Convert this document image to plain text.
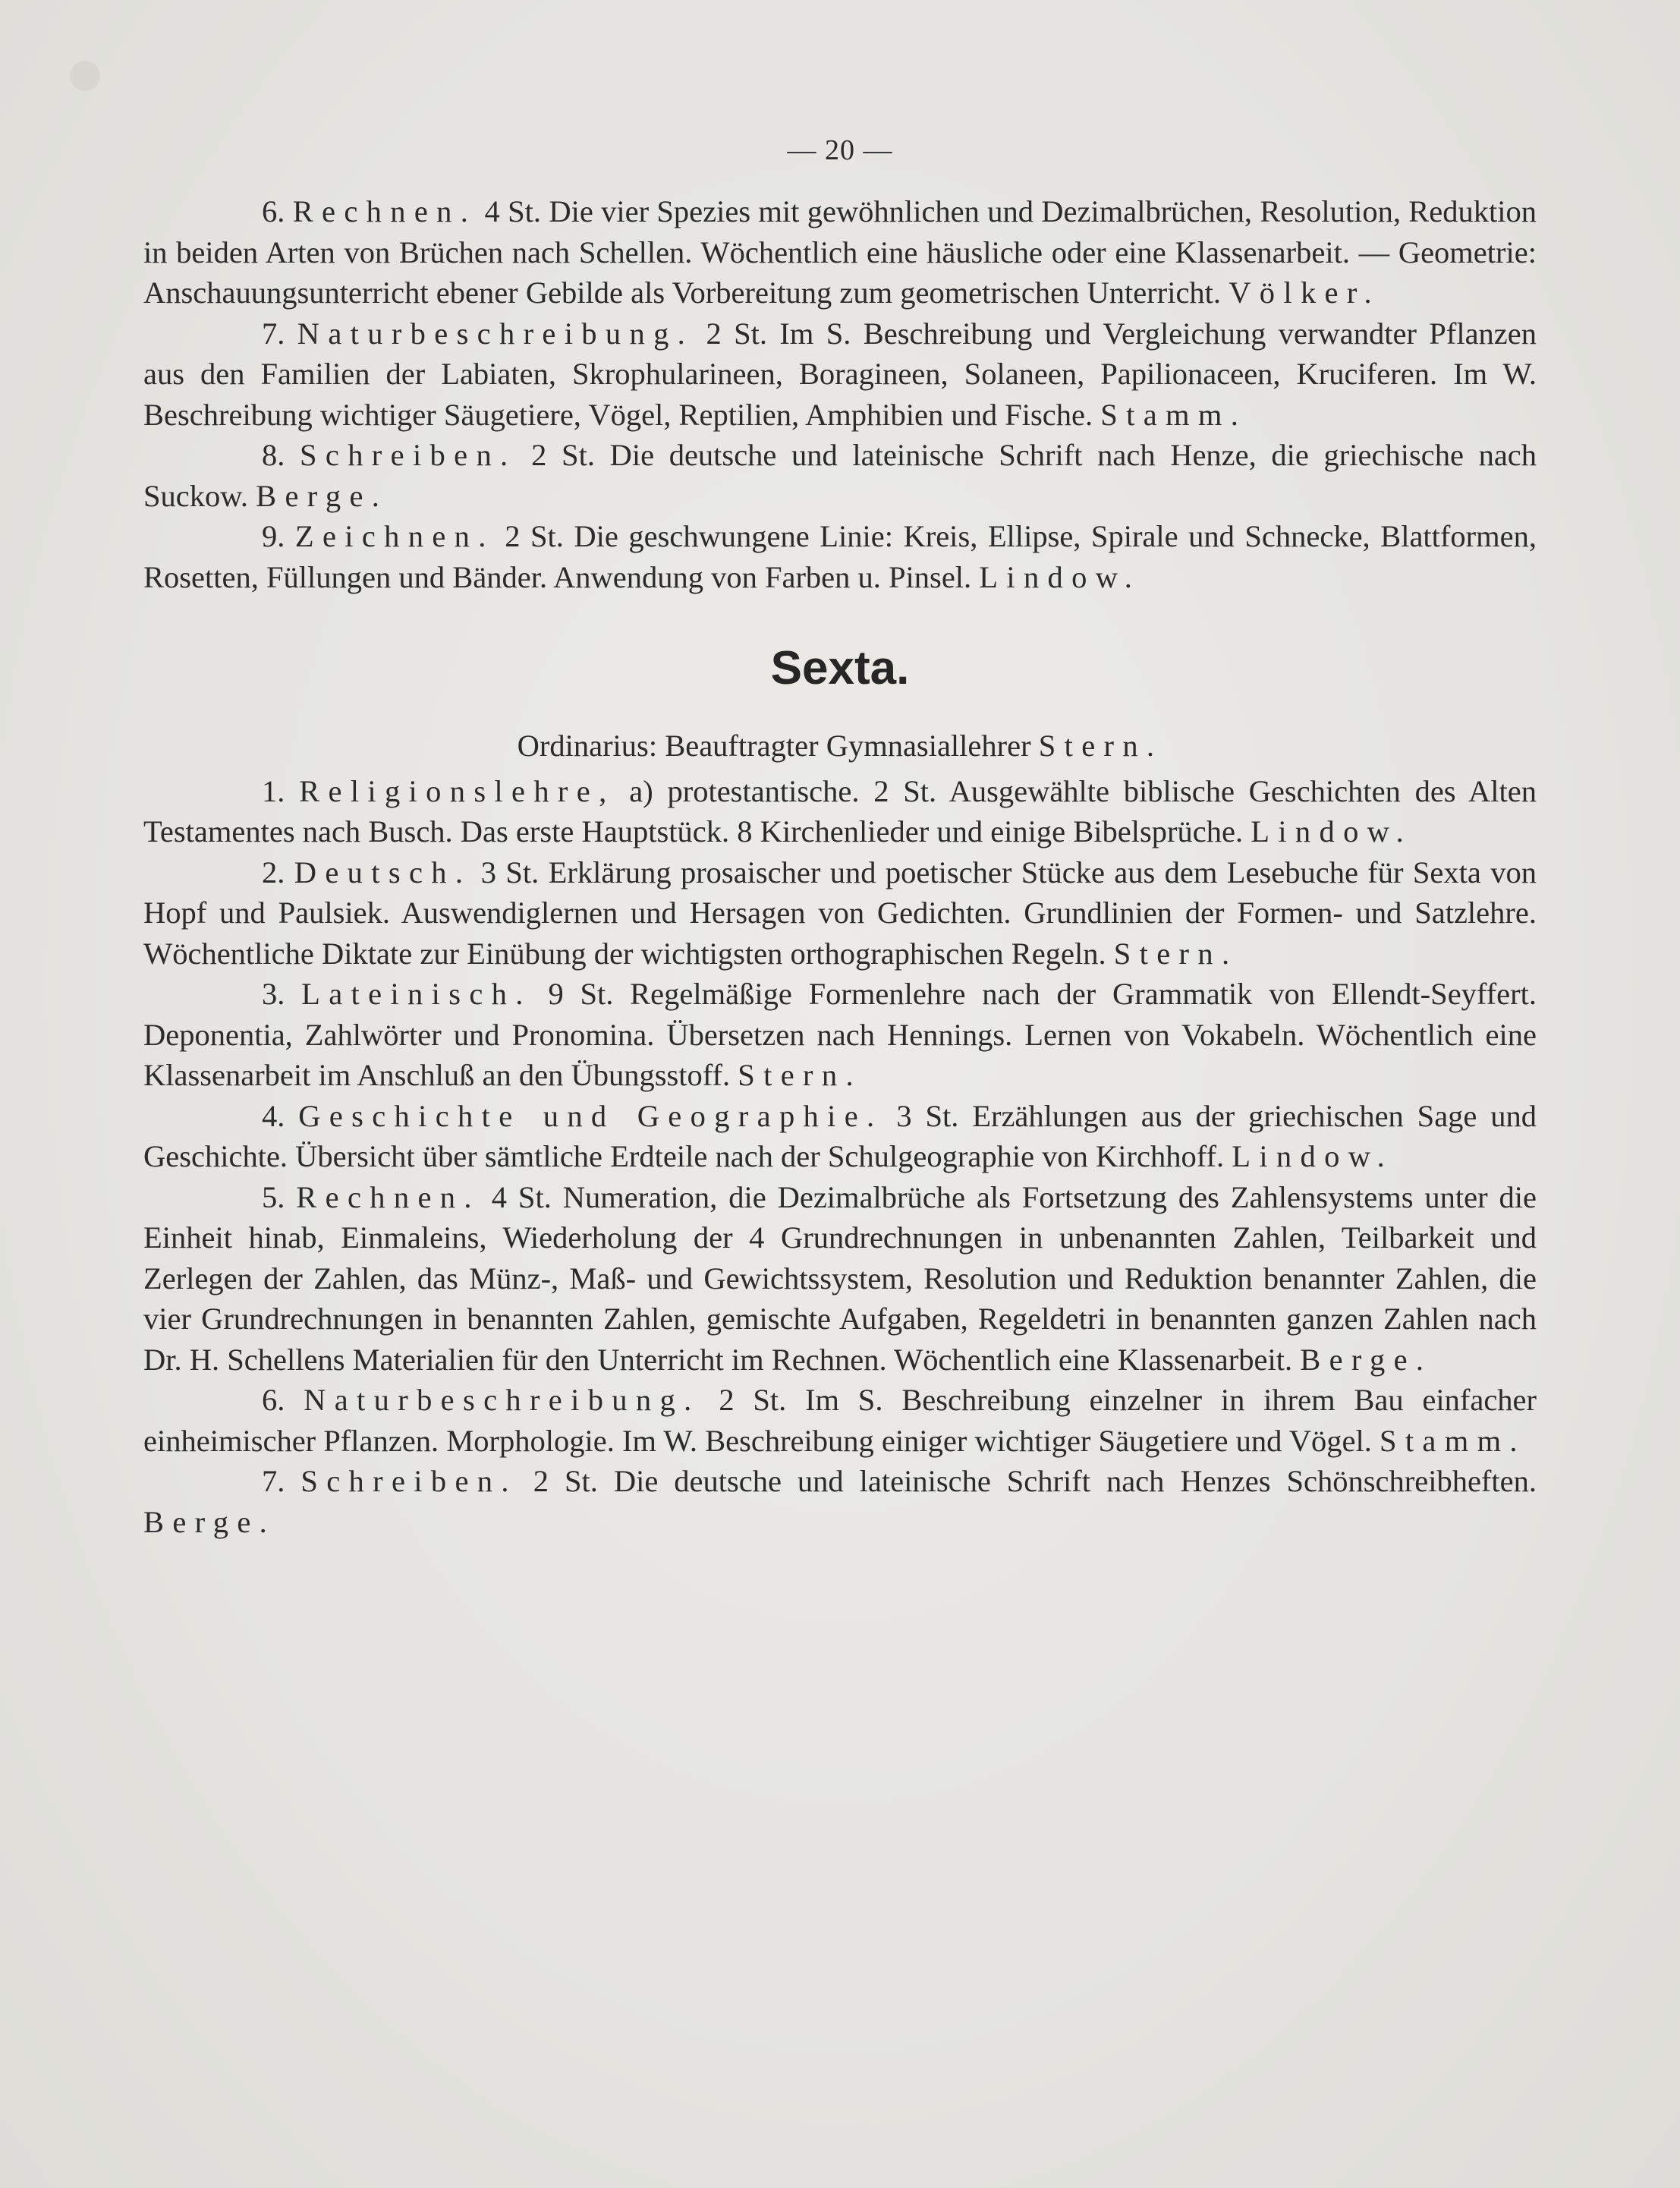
— 20 —

6. Rechnen. 4 St. Die vier Spezies mit gewöhnlichen und Dezimalbrüchen, Resolution, Reduktion in beiden Arten von Brüchen nach Schellen. Wöchentlich eine häusliche oder eine Klassenarbeit. — Geometrie: Anschauungsunterricht ebener Gebilde als Vorbereitung zum geometrischen Unterricht. Völker.

7. Naturbeschreibung. 2 St. Im S. Beschreibung und Vergleichung verwandter Pflanzen aus den Familien der Labiaten, Skrophularineen, Boragineen, Solaneen, Papilionaceen, Kruciferen. Im W. Beschreibung wichtiger Säugetiere, Vögel, Reptilien, Amphibien und Fische. Stamm.

8. Schreiben. 2 St. Die deutsche und lateinische Schrift nach Henze, die griechische nach Suckow. Berge.

9. Zeichnen. 2 St. Die geschwungene Linie: Kreis, Ellipse, Spirale und Schnecke, Blattformen, Rosetten, Füllungen und Bänder. Anwendung von Farben u. Pinsel. Lindow.

Sexta.

Ordinarius: Beauftragter Gymnasiallehrer Stern.

1. Religionslehre, a) protestantische. 2 St. Ausgewählte biblische Geschichten des Alten Testamentes nach Busch. Das erste Hauptstück. 8 Kirchenlieder und einige Bibelsprüche. Lindow.

2. Deutsch. 3 St. Erklärung prosaischer und poetischer Stücke aus dem Lesebuche für Sexta von Hopf und Paulsiek. Auswendiglernen und Hersagen von Gedichten. Grundlinien der Formen- und Satzlehre. Wöchentliche Diktate zur Einübung der wichtigsten orthographischen Regeln. Stern.

3. Lateinisch. 9 St. Regelmäßige Formenlehre nach der Grammatik von Ellendt-Seyffert. Deponentia, Zahlwörter und Pronomina. Übersetzen nach Hennings. Lernen von Vokabeln. Wöchentlich eine Klassenarbeit im Anschluß an den Übungsstoff. Stern.

4. Geschichte und Geographie. 3 St. Erzählungen aus der griechischen Sage und Geschichte. Übersicht über sämtliche Erdteile nach der Schulgeographie von Kirchhoff. Lindow.

5. Rechnen. 4 St. Numeration, die Dezimalbrüche als Fortsetzung des Zahlensystems unter die Einheit hinab, Einmaleins, Wiederholung der 4 Grundrechnungen in unbenannten Zahlen, Teilbarkeit und Zerlegen der Zahlen, das Münz-, Maß- und Gewichtssystem, Resolution und Reduktion benannter Zahlen, die vier Grundrechnungen in benannten Zahlen, gemischte Aufgaben, Regeldetri in benannten ganzen Zahlen nach Dr. H. Schellens Materialien für den Unterricht im Rechnen. Wöchentlich eine Klassenarbeit. Berge.

6. Naturbeschreibung. 2 St. Im S. Beschreibung einzelner in ihrem Bau einfacher einheimischer Pflanzen. Morphologie. Im W. Beschreibung einiger wichtiger Säugetiere und Vögel. Stamm.

7. Schreiben. 2 St. Die deutsche und lateinische Schrift nach Henzes Schönschreibheften. Berge.
